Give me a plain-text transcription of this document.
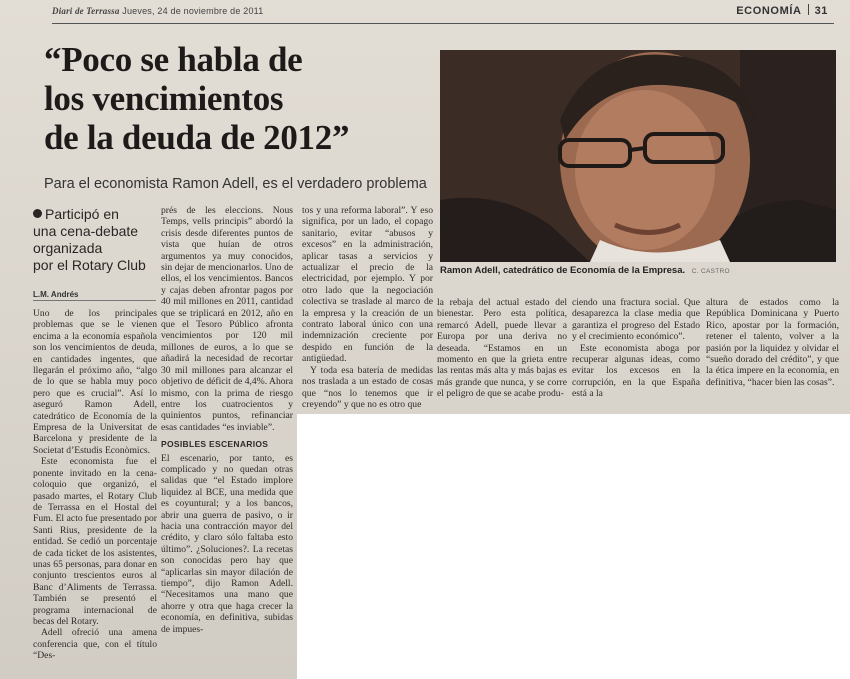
Diari de Terrassa Jueves, 24 de noviembre de 2011	ECONOMÍA 31
“Poco se habla de
los vencimientos
de la deuda de 2012”
Para el economista Ramon Adell, es el verdadero problema
Ramon Adell, catedrático de Economía de la Empresa. C. CASTRO
Participó en
una cena-debate
organizada
por el Rotary Club
L.M. Andrés

Uno de los principales problemas que se le vienen encima a la economía española son los vencimientos de deuda, en cantidades ingentes, que llegarán el próximo año, “algo de lo que se habla muy poco pero que es crucial”. Así lo aseguró Ramon Adell, catedrático de Economía de la Empresa de la Universitat de Barcelona y presidente de la Societat d’Estudis Econòmics.

Este economista fue el ponente invitado en la cena-coloquio que organizó, el pasado martes, el Rotary Club de Terrassa en el Hostal del Fum. El acto fue presentado por Santi Rius, presidente de la entidad. Se cedió un porcentaje de cada ticket de los asistentes, unas 65 personas, para donar en conjunto trescientos euros al Banc d’Aliments de Terrassa. También se presentó el programa internacional de becas del Rotary.

Adell ofreció una amena conferencia que, con el título “Des-

prés de les eleccions. Nous Temps, vells principis” abordó la crisis desde diferentes puntos de vista que huían de otros argumentos ya muy conocidos, sin dejar de mencionarlos. Uno de ellos, el los vencimientos. Bancos y cajas deben afrontar pagos por 40 mil millones en 2011, cantidad que se triplicará en 2012, año en que el Tesoro Público afronta vencimientos por 120 mil millones de euros, a lo que se añadirá la necesidad de recortar 30 mil millones para alcanzar el objetivo de déficit de 4,4%. Ahora mismo, con la prima de riesgo entre los cuatrocientos y quinientos puntos, refinanciar esas cantidades “es inviable”.

POSIBLES ESCENARIOS

El escenario, por tanto, es complicado y no quedan otras salidas que “el Estado implore liquidez al BCE, una medida que es coyuntural; y a los bancos, abrir una guerra de pasivo, o ir hacia una contracción mayor del crédito, y claro sólo faltaba esto último”. ¿Soluciones?. La recetas son conocidas pero hay que “aplicarlas sin mayor dilación de tiempo”, dijo Ramon Adell. “Necesitamos una mano que ahorre y otra que haga crecer la economía, en definitiva, subidas de impues-

tos y una reforma laboral”. Y eso significa, por un lado, el copago sanitario, evitar “abusos y excesos” en la administración, aplicar tasas a servicios y actualizar el precio de la electricidad, por ejemplo. Y por otro lado que la negociación colectiva se traslade al marco de la empresa y la creación de un contrato laboral único con una indemnización creciente por despido en función de la antigüedad.

Y toda esa batería de medidas nos traslada a un estado de cosas que “nos lo tenemos que ir creyendo” y que no es otro que

la rebaja del actual estado del bienestar. Pero esta política, remarcó Adell, puede llevar a Europa por una deriva no deseada. “Estamos en un momento en que la grieta entre las rentas más alta y más bajas es más grande que nunca, y se corre el peligro de que se acabe produ-

ciendo una fractura social. Que desaparezca la clase media que garantiza el progreso del Estado y el crecimiento económico”.

Este economista aboga por recuperar algunas ideas, como evitar los excesos en la corrupción, en la que España está a la

altura de estados como la República Dominicana y Puerto Rico, apostar por la formación, retener el talento, volver a la pasión por la liquidez y olvidar el “sueño dorado del crédito”, y que la ética impere en la economía, en definitiva, “hacer bien las cosas”.
